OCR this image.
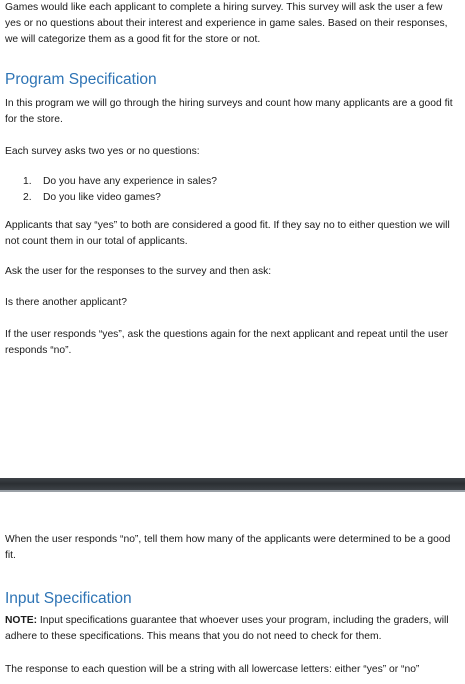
Games would like each applicant to complete a hiring survey. This survey will ask the user a few yes or no questions about their interest and experience in game sales. Based on their responses, we will categorize them as a good fit for the store or not.

Program Specification

In this program we will go through the hiring surveys and count how many applicants are a good fit for the store.

Each survey asks two yes or no questions:

1. Do you have any experience in sales?
2. Do you like video games?

Applicants that say “yes” to both are considered a good fit. If they say no to either question we will not count them in our total of applicants.

Ask the user for the responses to the survey and then ask:

Is there another applicant?

If the user responds “yes”, ask the questions again for the next applicant and repeat until the user responds “no”.

When the user responds “no”, tell them how many of the applicants were determined to be a good fit.

Input Specification

NOTE: Input specifications guarantee that whoever uses your program, including the graders, will adhere to these specifications. This means that you do not need to check for them.

The response to each question will be a string with all lowercase letters: either “yes” or “no”
